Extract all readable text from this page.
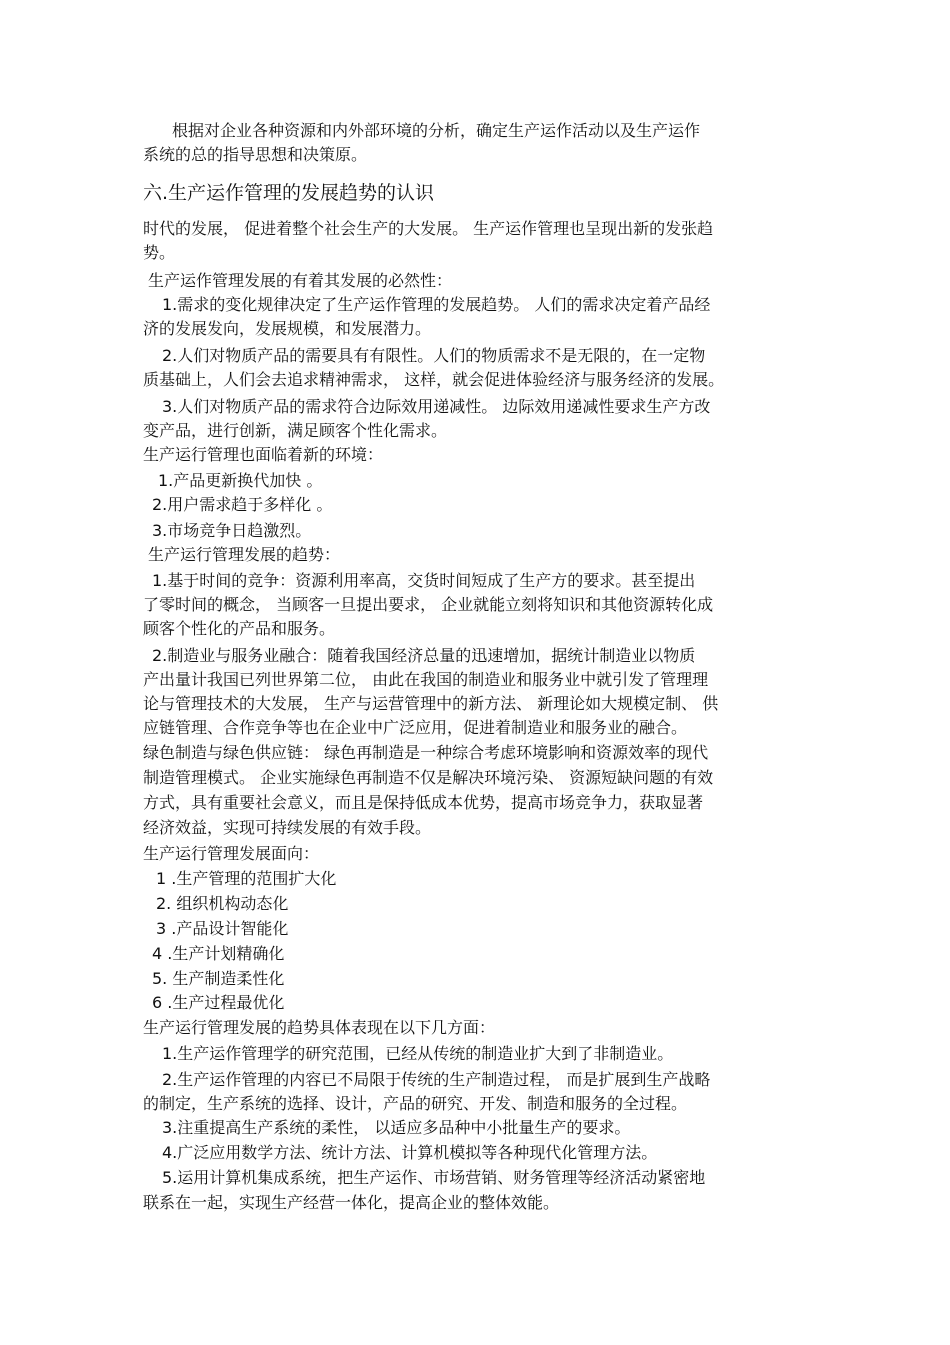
根据对企业各种资源和内外部环境的分析，确定生产运作活动以及生产运作
系统的总的指导思想和决策原。
六.生产运作管理的发展趋势的认识
时代的发展， 促进着整个社会生产的大发展。 生产运作管理也呈现出新的发张趋
势。
生产运作管理发展的有着其发展的必然性：
1.需求的变化规律决定了生产运作管理的发展趋势。 人们的需求决定着产品经
济的发展发向，发展规模，和发展潜力。
2.人们对物质产品的需要具有有限性。人们的物质需求不是无限的，在一定物
质基础上，人们会去追求精神需求， 这样，就会促进体验经济与服务经济的发展。
3.人们对物质产品的需求符合边际效用递减性。 边际效用递减性要求生产方改
变产品，进行创新，满足顾客个性化需求。
生产运行管理也面临着新的环境：
1.产品更新换代加快 。
2.用户需求趋于多样化 。
3.市场竞争日趋激烈。
生产运行管理发展的趋势：
1.基于时间的竞争：资源利用率高，交货时间短成了生产方的要求。甚至提出
了零时间的概念， 当顾客一旦提出要求， 企业就能立刻将知识和其他资源转化成
顾客个性化的产品和服务。
2.制造业与服务业融合：随着我国经济总量的迅速增加，据统计制造业以物质
产出量计我国已列世界第二位， 由此在我国的制造业和服务业中就引发了管理理
论与管理技术的大发展， 生产与运营管理中的新方法、 新理论如大规模定制、 供
应链管理、合作竞争等也在企业中广泛应用，促进着制造业和服务业的融合。
绿色制造与绿色供应链： 绿色再制造是一种综合考虑环境影响和资源效率的现代
制造管理模式。 企业实施绿色再制造不仅是解决环境污染、 资源短缺问题的有效
方式，具有重要社会意义，而且是保持低成本优势，提高市场竞争力，获取显著
经济效益，实现可持续发展的有效手段。
生产运行管理发展面向：
1 .生产管理的范围扩大化
2. 组织机构动态化
3 .产品设计智能化
4 .生产计划精确化
5. 生产制造柔性化
6 .生产过程最优化
生产运行管理发展的趋势具体表现在以下几方面：
1.生产运作管理学的研究范围，已经从传统的制造业扩大到了非制造业。
2.生产运作管理的内容已不局限于传统的生产制造过程， 而是扩展到生产战略
的制定，生产系统的选择、设计，产品的研究、开发、制造和服务的全过程。
3.注重提高生产系统的柔性， 以适应多品种中小批量生产的要求。
4.广泛应用数学方法、统计方法、计算机模拟等各种现代化管理方法。
5.运用计算机集成系统，把生产运作、市场营销、财务管理等经济活动紧密地
联系在一起，实现生产经营一体化，提高企业的整体效能。
